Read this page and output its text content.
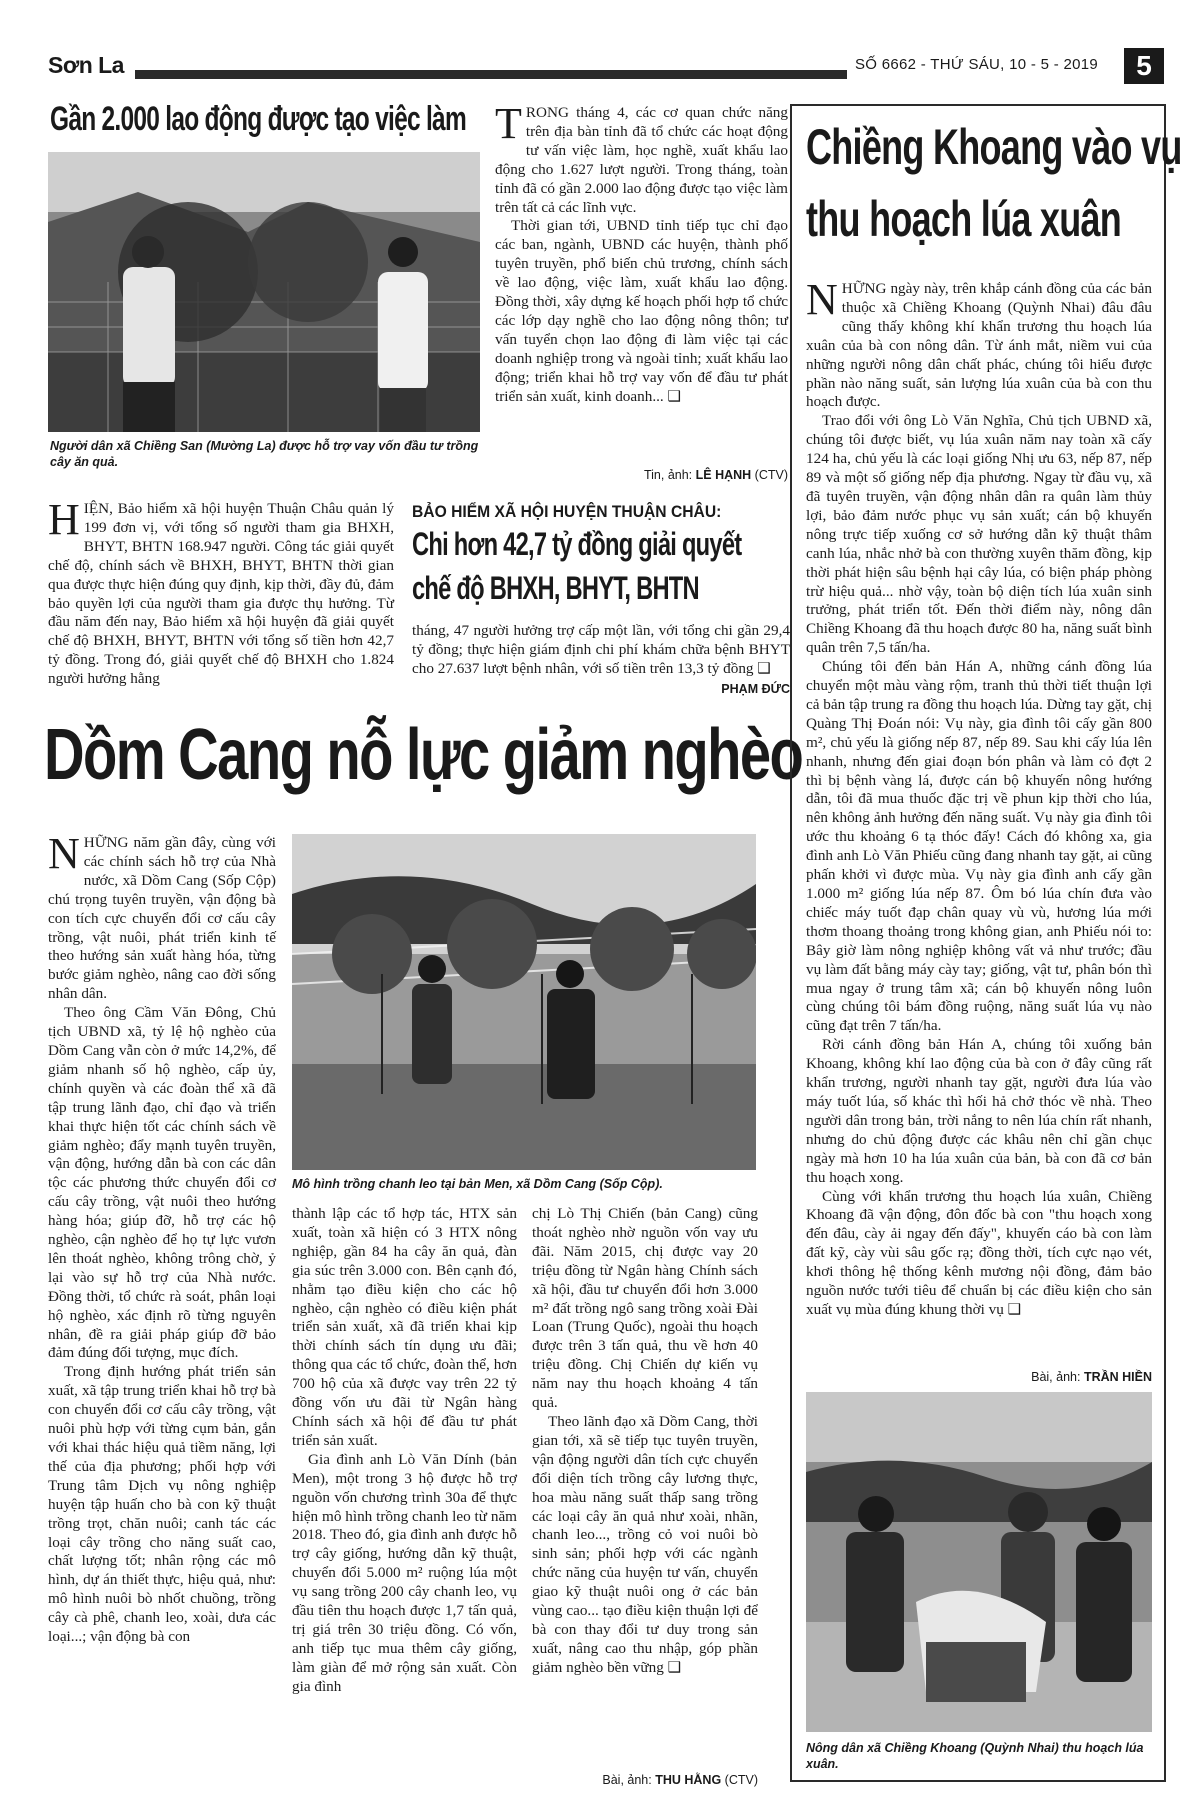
Sơn La	SỐ 6662 - THỨ SÁU, 10 - 5 - 2019	5
Gần 2.000 lao động được tạo việc làm
Người dân xã Chiềng San (Mường La) được hỗ trợ vay vốn đầu tư trồng cây ăn quả.

TRONG tháng 4, các cơ quan chức năng trên địa bàn tỉnh đã tổ chức các hoạt động tư vấn việc làm, học nghề, xuất khẩu lao động cho 1.627 lượt người. Trong tháng, toàn tỉnh đã có gần 2.000 lao động được tạo việc làm trên tất cả các lĩnh vực.

Thời gian tới, UBND tỉnh tiếp tục chỉ đạo các ban, ngành, UBND các huyện, thành phố tuyên truyền, phổ biến chủ trương, chính sách về lao động, việc làm, xuất khẩu lao động. Đồng thời, xây dựng kế hoạch phối hợp tổ chức các lớp dạy nghề cho lao động nông thôn; tư vấn tuyển chọn lao động đi làm việc tại các doanh nghiệp trong và ngoài tỉnh; xuất khẩu lao động; triển khai hỗ trợ vay vốn để đầu tư phát triển sản xuất, kinh doanh... ❑

Tin, ảnh: LÊ HẠNH (CTV)
BẢO HIỂM XÃ HỘI HUYỆN THUẬN CHÂU:
Chi hơn 42,7 tỷ đồng giải quyết
chế độ BHXH, BHYT, BHTN

HIỆN, Bảo hiểm xã hội huyện Thuận Châu quản lý 199 đơn vị, với tổng số người tham gia BHXH, BHYT, BHTN 168.947 người. Công tác giải quyết chế độ, chính sách về BHXH, BHYT, BHTN thời gian qua được thực hiện đúng quy định, kịp thời, đầy đủ, đảm bảo quyền lợi của người tham gia được thụ hưởng. Từ đầu năm đến nay, Bảo hiểm xã hội huyện đã giải quyết chế độ BHXH, BHYT, BHTN với tổng số tiền hơn 42,7 tỷ đồng. Trong đó, giải quyết chế độ BHXH cho 1.824 người hưởng hằng

tháng, 47 người hưởng trợ cấp một lần, với tổng chi gần 29,4 tỷ đồng; thực hiện giám định chi phí khám chữa bệnh BHYT cho 27.637 lượt bệnh nhân, với số tiền trên 13,3 tỷ đồng ❑

PHẠM ĐỨC
Dồm Cang nỗ lực giảm nghèo
Mô hình trồng chanh leo tại bản Men, xã Dồm Cang (Sốp Cộp).

NHỮNG năm gần đây, cùng với các chính sách hỗ trợ của Nhà nước, xã Dồm Cang (Sốp Cộp) chú trọng tuyên truyền, vận động bà con tích cực chuyển đổi cơ cấu cây trồng, vật nuôi, phát triển kinh tế theo hướng sản xuất hàng hóa, từng bước giảm nghèo, nâng cao đời sống nhân dân.

Theo ông Cầm Văn Đông, Chủ tịch UBND xã, tỷ lệ hộ nghèo của Dồm Cang vẫn còn ở mức 14,2%, để giảm nhanh số hộ nghèo, cấp ủy, chính quyền và các đoàn thể xã đã tập trung lãnh đạo, chỉ đạo và triển khai thực hiện tốt các chính sách về giảm nghèo; đẩy mạnh tuyên truyền, vận động, hướng dẫn bà con các dân tộc các phương thức chuyển đổi cơ cấu cây trồng, vật nuôi theo hướng hàng hóa; giúp đỡ, hỗ trợ các hộ nghèo, cận nghèo để họ tự lực vươn lên thoát nghèo, không trông chờ, ỷ lại vào sự hỗ trợ của Nhà nước. Đồng thời, tổ chức rà soát, phân loại hộ nghèo, xác định rõ từng nguyên nhân, đề ra giải pháp giúp đỡ bảo đảm đúng đối tượng, mục đích.

Trong định hướng phát triển sản xuất, xã tập trung triển khai hỗ trợ bà con chuyển đổi cơ cấu cây trồng, vật nuôi phù hợp với từng cụm bản, gắn với khai thác hiệu quả tiềm năng, lợi thế của địa phương; phối hợp với Trung tâm Dịch vụ nông nghiệp huyện tập huấn cho bà con kỹ thuật trồng trọt, chăn nuôi; canh tác các loại cây trồng cho năng suất cao, chất lượng tốt; nhân rộng các mô hình, dự án thiết thực, hiệu quả, như: mô hình nuôi bò nhốt chuồng, trồng cây cà phê, chanh leo, xoài, dưa các loại...; vận động bà con

thành lập các tổ hợp tác, HTX sản xuất, toàn xã hiện có 3 HTX nông nghiệp, gần 84 ha cây ăn quả, đàn gia súc trên 3.000 con. Bên cạnh đó, nhằm tạo điều kiện cho các hộ nghèo, cận nghèo có điều kiện phát triển sản xuất, xã đã triển khai kịp thời chính sách tín dụng ưu đãi; thông qua các tổ chức, đoàn thể, hơn 700 hộ của xã được vay trên 22 tỷ đồng vốn ưu đãi từ Ngân hàng Chính sách xã hội để đầu tư phát triển sản xuất.

Gia đình anh Lò Văn Dính (bản Men), một trong 3 hộ được hỗ trợ nguồn vốn chương trình 30a để thực hiện mô hình trồng chanh leo từ năm 2018. Theo đó, gia đình anh được hỗ trợ cây giống, hướng dẫn kỹ thuật, chuyển đổi 5.000 m² ruộng lúa một vụ sang trồng 200 cây chanh leo, vụ đầu tiên thu hoạch được 1,7 tấn quả, trị giá trên 30 triệu đồng. Có vốn, anh tiếp tục mua thêm cây giống, làm giàn để mở rộng sản xuất. Còn gia đình

chị Lò Thị Chiến (bản Cang) cũng thoát nghèo nhờ nguồn vốn vay ưu đãi. Năm 2015, chị được vay 20 triệu đồng từ Ngân hàng Chính sách xã hội, đầu tư chuyển đổi hơn 3.000 m² đất trồng ngô sang trồng xoài Đài Loan (Trung Quốc), ngoài thu hoạch được trên 3 tấn quả, thu về hơn 40 triệu đồng. Chị Chiến dự kiến vụ năm nay thu hoạch khoảng 4 tấn quả.

Theo lãnh đạo xã Dồm Cang, thời gian tới, xã sẽ tiếp tục tuyên truyền, vận động người dân tích cực chuyển đổi diện tích trồng cây lương thực, hoa màu năng suất thấp sang trồng các loại cây ăn quả như xoài, nhãn, chanh leo..., trồng cỏ voi nuôi bò sinh sản; phối hợp với các ngành chức năng của huyện tư vấn, chuyển giao kỹ thuật nuôi ong ở các bản vùng cao... tạo điều kiện thuận lợi để bà con thay đổi tư duy trong sản xuất, nâng cao thu nhập, góp phần giảm nghèo bền vững ❑

Bài, ảnh: THU HẰNG (CTV)
Chiềng Khoang vào vụ
thu hoạch lúa xuân

NHỮNG ngày này, trên khắp cánh đồng của các bản thuộc xã Chiềng Khoang (Quỳnh Nhai) đâu đâu cũng thấy không khí khẩn trương thu hoạch lúa xuân của bà con nông dân. Từ ánh mắt, niềm vui của những người nông dân chất phác, chúng tôi hiểu được phần nào năng suất, sản lượng lúa xuân của bà con thu hoạch được.

Trao đổi với ông Lò Văn Nghĩa, Chủ tịch UBND xã, chúng tôi được biết, vụ lúa xuân năm nay toàn xã cấy 124 ha, chủ yếu là các loại giống Nhị ưu 63, nếp 87, nếp 89 và một số giống nếp địa phương. Ngay từ đầu vụ, xã đã tuyên truyền, vận động nhân dân ra quân làm thủy lợi, bảo đảm nước phục vụ sản xuất; cán bộ khuyến nông trực tiếp xuống cơ sở hướng dẫn kỹ thuật thâm canh lúa, nhắc nhở bà con thường xuyên thăm đồng, kịp thời phát hiện sâu bệnh hại cây lúa, có biện pháp phòng trừ hiệu quả... nhờ vậy, toàn bộ diện tích lúa xuân sinh trưởng, phát triển tốt. Đến thời điểm này, nông dân Chiềng Khoang đã thu hoạch được 80 ha, năng suất bình quân trên 7,5 tấn/ha.

Chúng tôi đến bản Hán A, những cánh đồng lúa chuyển một màu vàng rộm, tranh thủ thời tiết thuận lợi cả bản tập trung ra đồng thu hoạch lúa. Dừng tay gặt, chị Quàng Thị Đoán nói: Vụ này, gia đình tôi cấy gần 800 m², chủ yếu là giống nếp 87, nếp 89. Sau khi cấy lúa lên nhanh, nhưng đến giai đoạn bón phân và làm cỏ đợt 2 thì bị bệnh vàng lá, được cán bộ khuyến nông hướng dẫn, tôi đã mua thuốc đặc trị về phun kịp thời cho lúa, nên không ảnh hưởng đến năng suất. Vụ này gia đình tôi ước thu khoảng 6 tạ thóc đấy! Cách đó không xa, gia đình anh Lò Văn Phiếu cũng đang nhanh tay gặt, ai cũng phấn khởi vì được mùa. Vụ này gia đình anh cấy gần 1.000 m² giống lúa nếp 87. Ôm bó lúa chín đưa vào chiếc máy tuốt đạp chân quay vù vù, hương lúa mới thơm thoang thoảng trong không gian, anh Phiếu nói to: Bây giờ làm nông nghiệp không vất vả như trước; đầu vụ làm đất bằng máy cày tay; giống, vật tư, phân bón thì mua ngay ở trung tâm xã; cán bộ khuyến nông luôn cùng chúng tôi bám đồng ruộng, năng suất lúa vụ nào cũng đạt trên 7 tấn/ha.

Rời cánh đồng bản Hán A, chúng tôi xuống bản Khoang, không khí lao động của bà con ở đây cũng rất khẩn trương, người nhanh tay gặt, người đưa lúa vào máy tuốt lúa, số khác thì hối hả chở thóc về nhà. Theo người dân trong bản, trời nắng to nên lúa chín rất nhanh, nhưng do chủ động được các khâu nên chỉ gần chục ngày mà hơn 10 ha lúa xuân của bản, bà con đã cơ bản thu hoạch xong.

Cùng với khẩn trương thu hoạch lúa xuân, Chiềng Khoang đã vận động, đôn đốc bà con "thu hoạch xong đến đâu, cày ải ngay đến đấy", khuyến cáo bà con làm đất kỹ, cày vùi sâu gốc rạ; đồng thời, tích cực nạo vét, khơi thông hệ thống kênh mương nội đồng, đảm bảo nguồn nước tưới tiêu để chuẩn bị các điều kiện cho sản xuất vụ mùa đúng khung thời vụ ❑

Bài, ảnh: TRẦN HIỀN
Nông dân xã Chiềng Khoang (Quỳnh Nhai) thu hoạch lúa xuân.
